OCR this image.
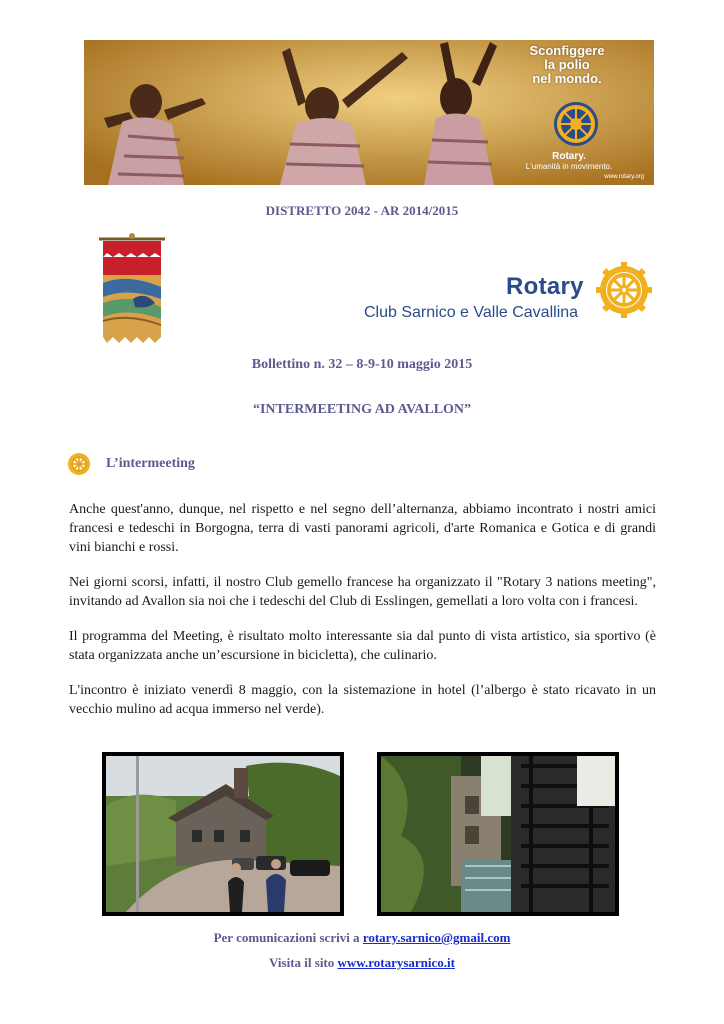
Sconfiggere
la polio
nel mondo.
Rotary.
L'umanità in movimento.
www.rotary.org
DISTRETTO 2042 - AR 2014/2015
Rotary
Club Sarnico e Valle Cavallina
Bollettino n. 32 – 8-9-10 maggio 2015
“INTERMEETING AD AVALLON”
L’intermeeting

Anche quest'anno, dunque, nel rispetto e nel segno dell’alternanza, abbiamo incontrato i nostri amici francesi e tedeschi in Borgogna, terra di vasti panorami agricoli, d'arte Romanica e Gotica e di grandi vini bianchi e rossi.

Nei giorni scorsi, infatti, il nostro Club gemello francese ha organizzato il "Rotary 3 nations meeting", invitando ad Avallon sia noi che i tedeschi del Club di Esslingen, gemellati a loro volta con i francesi.

Il programma del Meeting, è risultato molto interessante sia dal punto di vista artistico, sia sportivo (è stata organizzata anche un’escursione in bicicletta), che culinario.

L'incontro è iniziato venerdì 8 maggio, con la sistemazione in hotel (l’albergo è stato ricavato in un vecchio mulino ad acqua immerso nel verde).

Per comunicazioni scrivi a rotary.sarnico@gmail.com
Visita il sito www.rotarysarnico.it
